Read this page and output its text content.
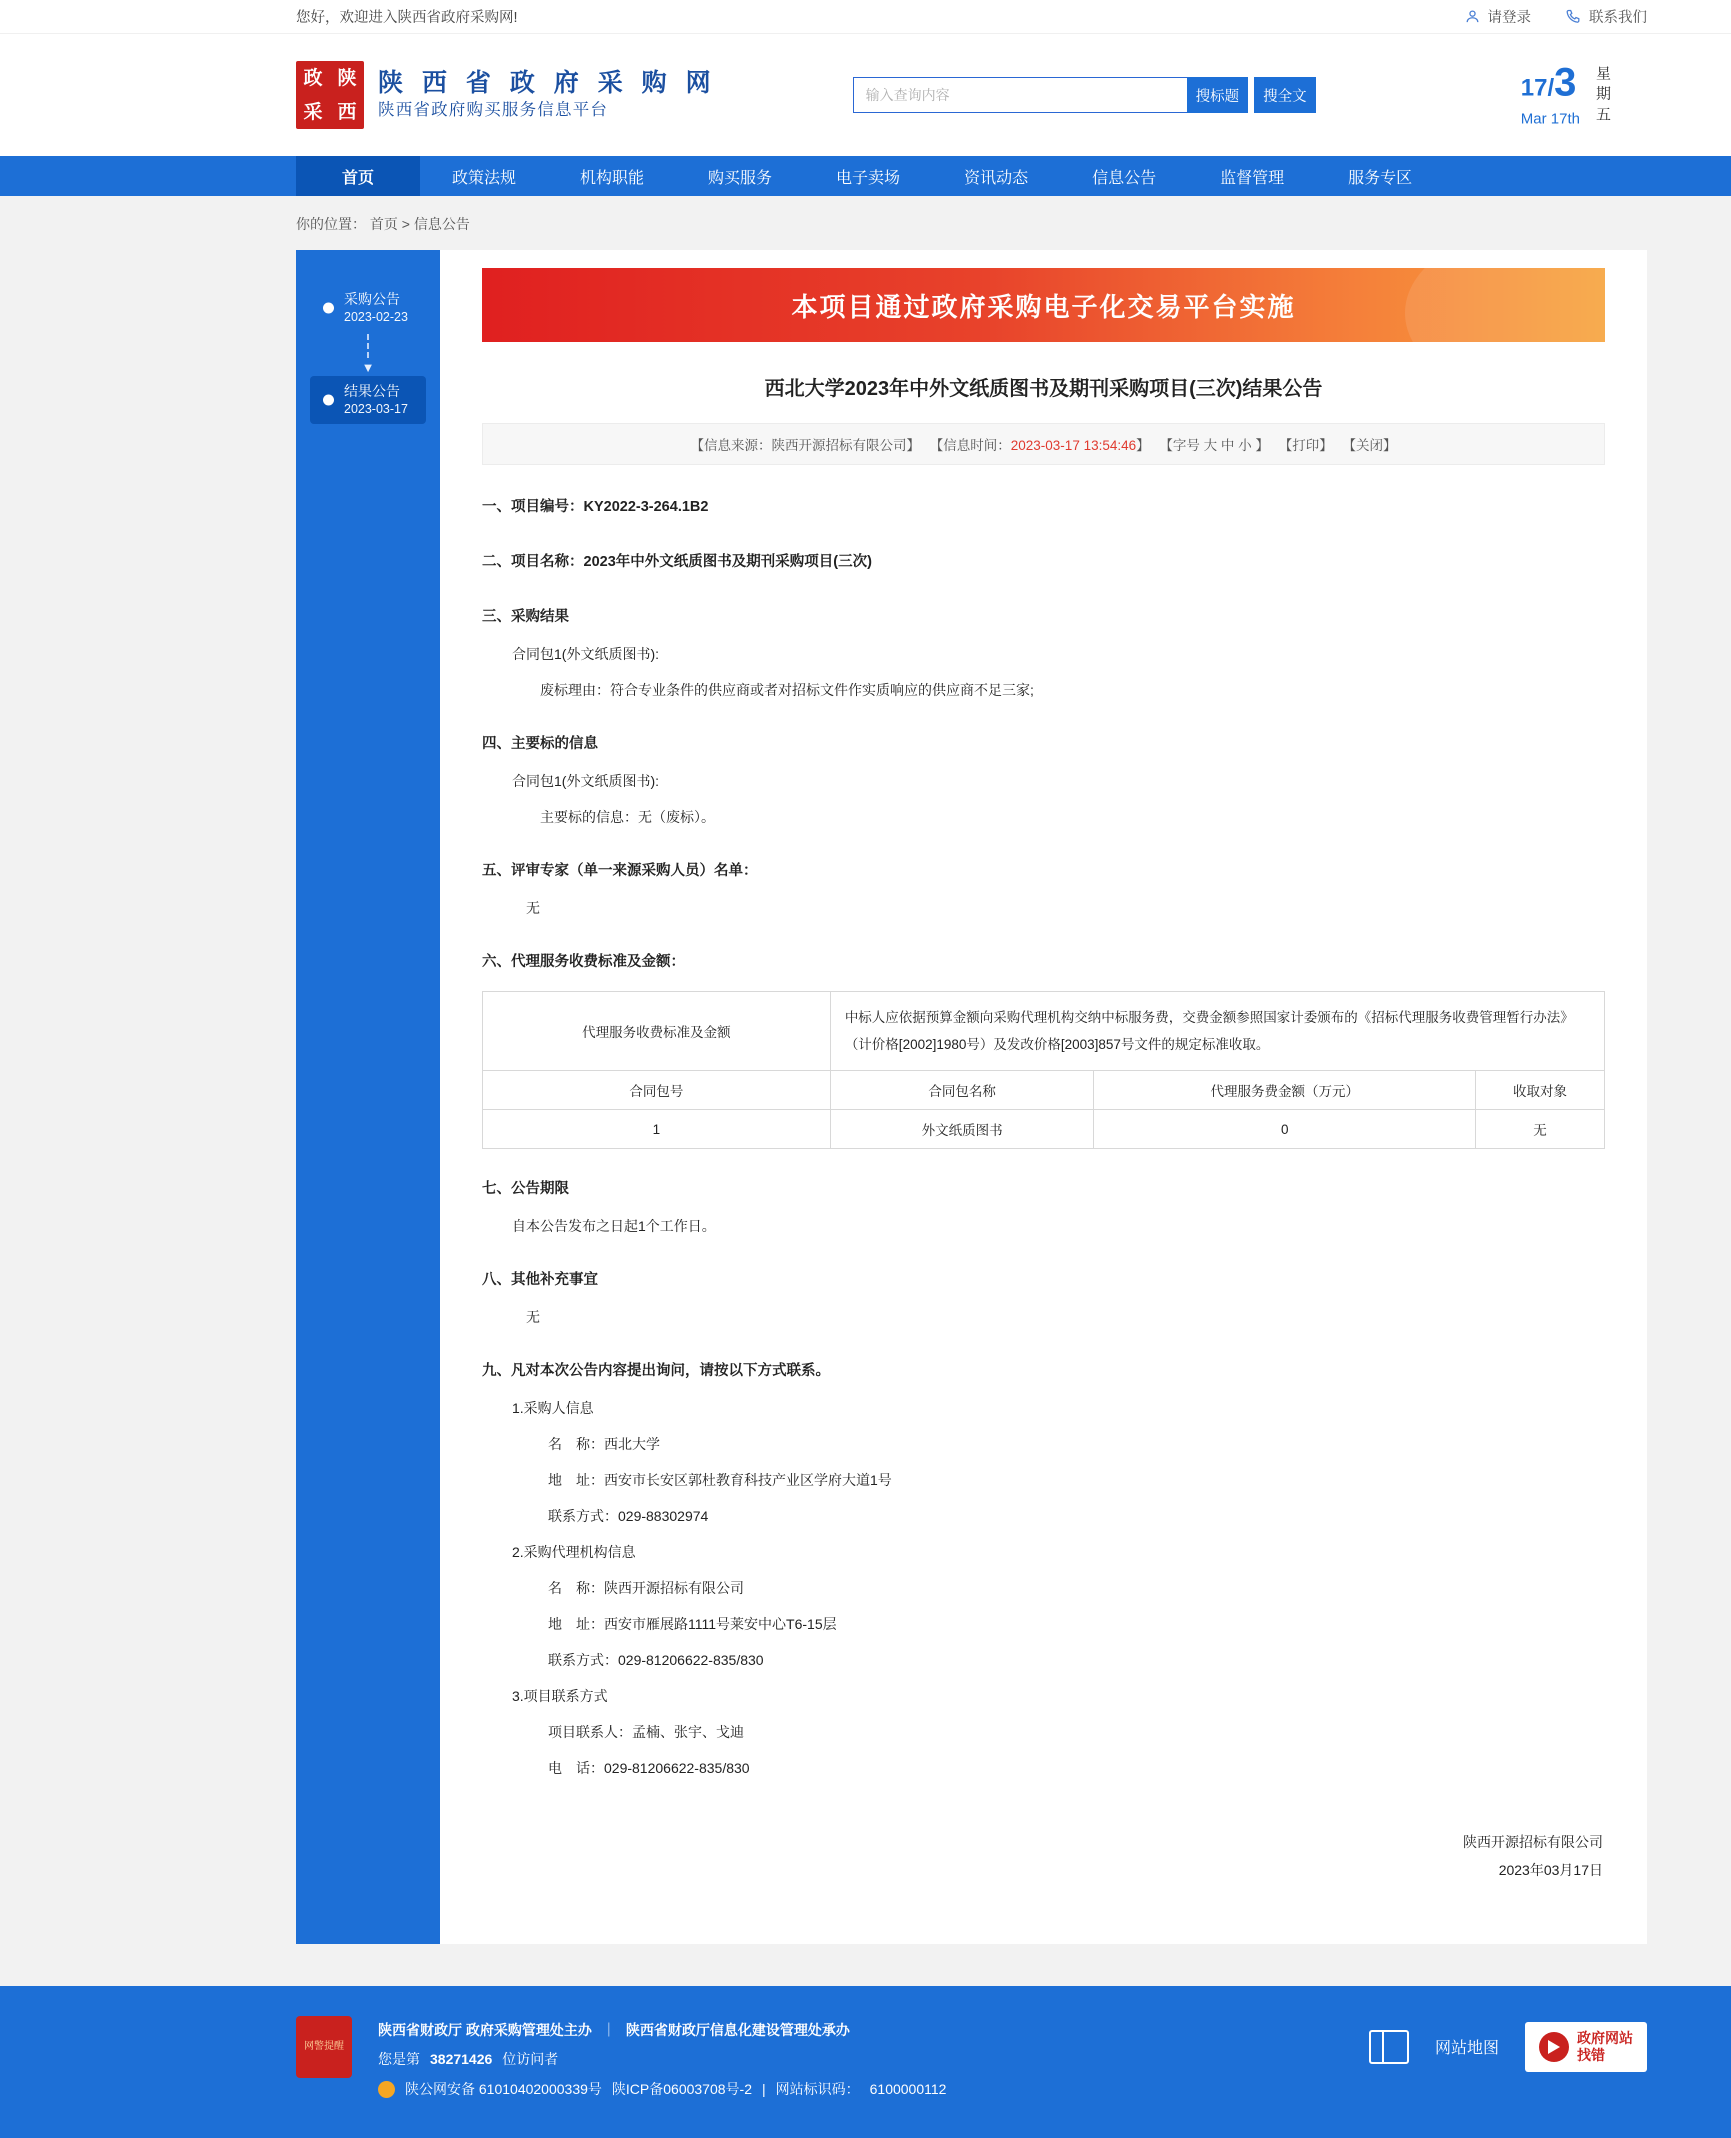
您好，欢迎进入陕西省政府采购网!	请登录	联系我们
政 陕
采 西
陕 西 省 政 府 采 购 网
陕西省政府购买服务信息平台
输入查询内容
搜标题	搜全文	17/3
Mar 17th
星
期
五
首页	政策法规	机构职能	购买服务	电子卖场	资讯动态	信息公告	监督管理	服务专区
你的位置： 首页 > 信息公告
采购公告
2023-02-23
▼
结果公告
2023-03-17
本项目通过政府采购电子化交易平台实施
西北大学2023年中外文纸质图书及期刊采购项目(三次)结果公告
【信息来源：陕西开源招标有限公司】 【信息时间：2023-03-17 13:54:46】 【字号 大 中 小 】 【打印】 【关闭】
一、项目编号：KY2022-3-264.1B2
二、项目名称：2023年中外文纸质图书及期刊采购项目(三次)
三、采购结果
合同包1(外文纸质图书):
废标理由：符合专业条件的供应商或者对招标文件作实质响应的供应商不足三家;
四、主要标的信息
合同包1(外文纸质图书):
主要标的信息：无（废标）。
五、评审专家（单一来源采购人员）名单：
无
六、代理服务收费标准及金额：
代理服务收费标准及金额	中标人应依据预算金额向采购代理机构交纳中标服务费，交费金额参照国家计委颁布的《招标代理服务收费管理暂行办法》（计价格[2002]1980号）及发改价格[2003]857号文件的规定标准收取。		
合同包号	合同包名称	代理服务费金额（万元）	收取对象
1	外文纸质图书	0	无
七、公告期限
自本公告发布之日起1个工作日。
八、其他补充事宜
无
九、凡对本次公告内容提出询问，请按以下方式联系。
1.采购人信息
名　称：西北大学
地　址：西安市长安区郭杜教育科技产业区学府大道1号
联系方式：029-88302974
2.采购代理机构信息
名　称：陕西开源招标有限公司
地　址：西安市雁展路1111号莱安中心T6-15层
联系方式：029-81206622-835/830
3.项目联系方式
项目联系人：孟楠、张宇、戈迪
电　话：029-81206622-835/830
陕西开源招标有限公司
2023年03月17日
网警提醒
陕西省财政厅 政府采购管理处主办 ｜ 陕西省财政厅信息化建设管理处承办
您是第 38271426 位访问者
陕公网安备 61010402000339号 陕ICP备06003708号-2 | 网站标识码： 6100000112
网站地图
政府网站
找错
